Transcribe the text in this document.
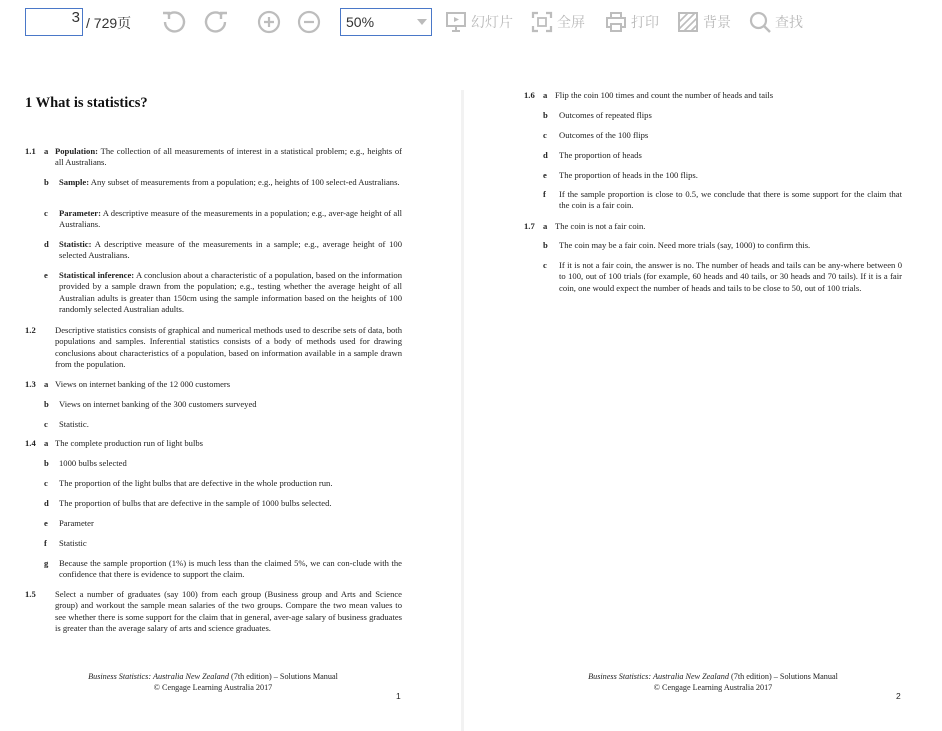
3 / 729页	50%	幻灯片	全屏	打印	背景	查找
1 What is statistics?
1.1 a Population: The collection of all measurements of interest in a statistical problem; e.g., heights of all Australians.
b Sample: Any subset of measurements from a population; e.g., heights of 100 select-ed Australians.
c Parameter: A descriptive measure of the measurements in a population; e.g., aver-age height of all Australians.
d Statistic: A descriptive measure of the measurements in a sample; e.g., average height of 100 selected Australians.
e Statistical inference: A conclusion about a characteristic of a population, based on the information provided by a sample drawn from the population; e.g., testing whether the average height of all Australian adults is greater than 150cm using the sample information based on the heights of 100 randomly selected Australian adults.
1.2 Descriptive statistics consists of graphical and numerical methods used to describe sets of data, both populations and samples. Inferential statistics consists of a body of methods used for drawing conclusions about characteristics of a population, based on information available in a sample drawn from the population.
1.3 a Views on internet banking of the 12 000 customers
b Views on internet banking of the 300 customers surveyed
c Statistic.
1.4 a The complete production run of light bulbs
b 1000 bulbs selected
c The proportion of the light bulbs that are defective in the whole production run.
d The proportion of bulbs that are defective in the sample of 1000 bulbs selected.
e Parameter
f Statistic
g Because the sample proportion (1%) is much less than the claimed 5%, we can con-clude with the confidence that there is evidence to support the claim.
1.5 Select a number of graduates (say 100) from each group (Business group and Arts and Science group) and workout the sample mean salaries of the two groups. Compare the two mean values to see whether there is some support for the claim that in general, aver-age salary of business graduates is greater than the average salary of arts and science graduates.
Business Statistics: Australia New Zealand (7th edition) – Solutions Manual
© Cengage Learning Australia 2017
1
1.6 a Flip the coin 100 times and count the number of heads and tails
b Outcomes of repeated flips
c Outcomes of the 100 flips
d The proportion of heads
e The proportion of heads in the 100 flips.
f If the sample proportion is close to 0.5, we conclude that there is some support for the claim that the coin is a fair coin.
1.7 a The coin is not a fair coin.
b The coin may be a fair coin. Need more trials (say, 1000) to confirm this.
c If it is not a fair coin, the answer is no. The number of heads and tails can be any-where between 0 to 100, out of 100 trials (for example, 60 heads and 40 tails, or 30 heads and 70 tails). If it is a fair coin, one would expect the number of heads and tails to be close to 50, out of 100 trials.
Business Statistics: Australia New Zealand (7th edition) – Solutions Manual
© Cengage Learning Australia 2017
2
